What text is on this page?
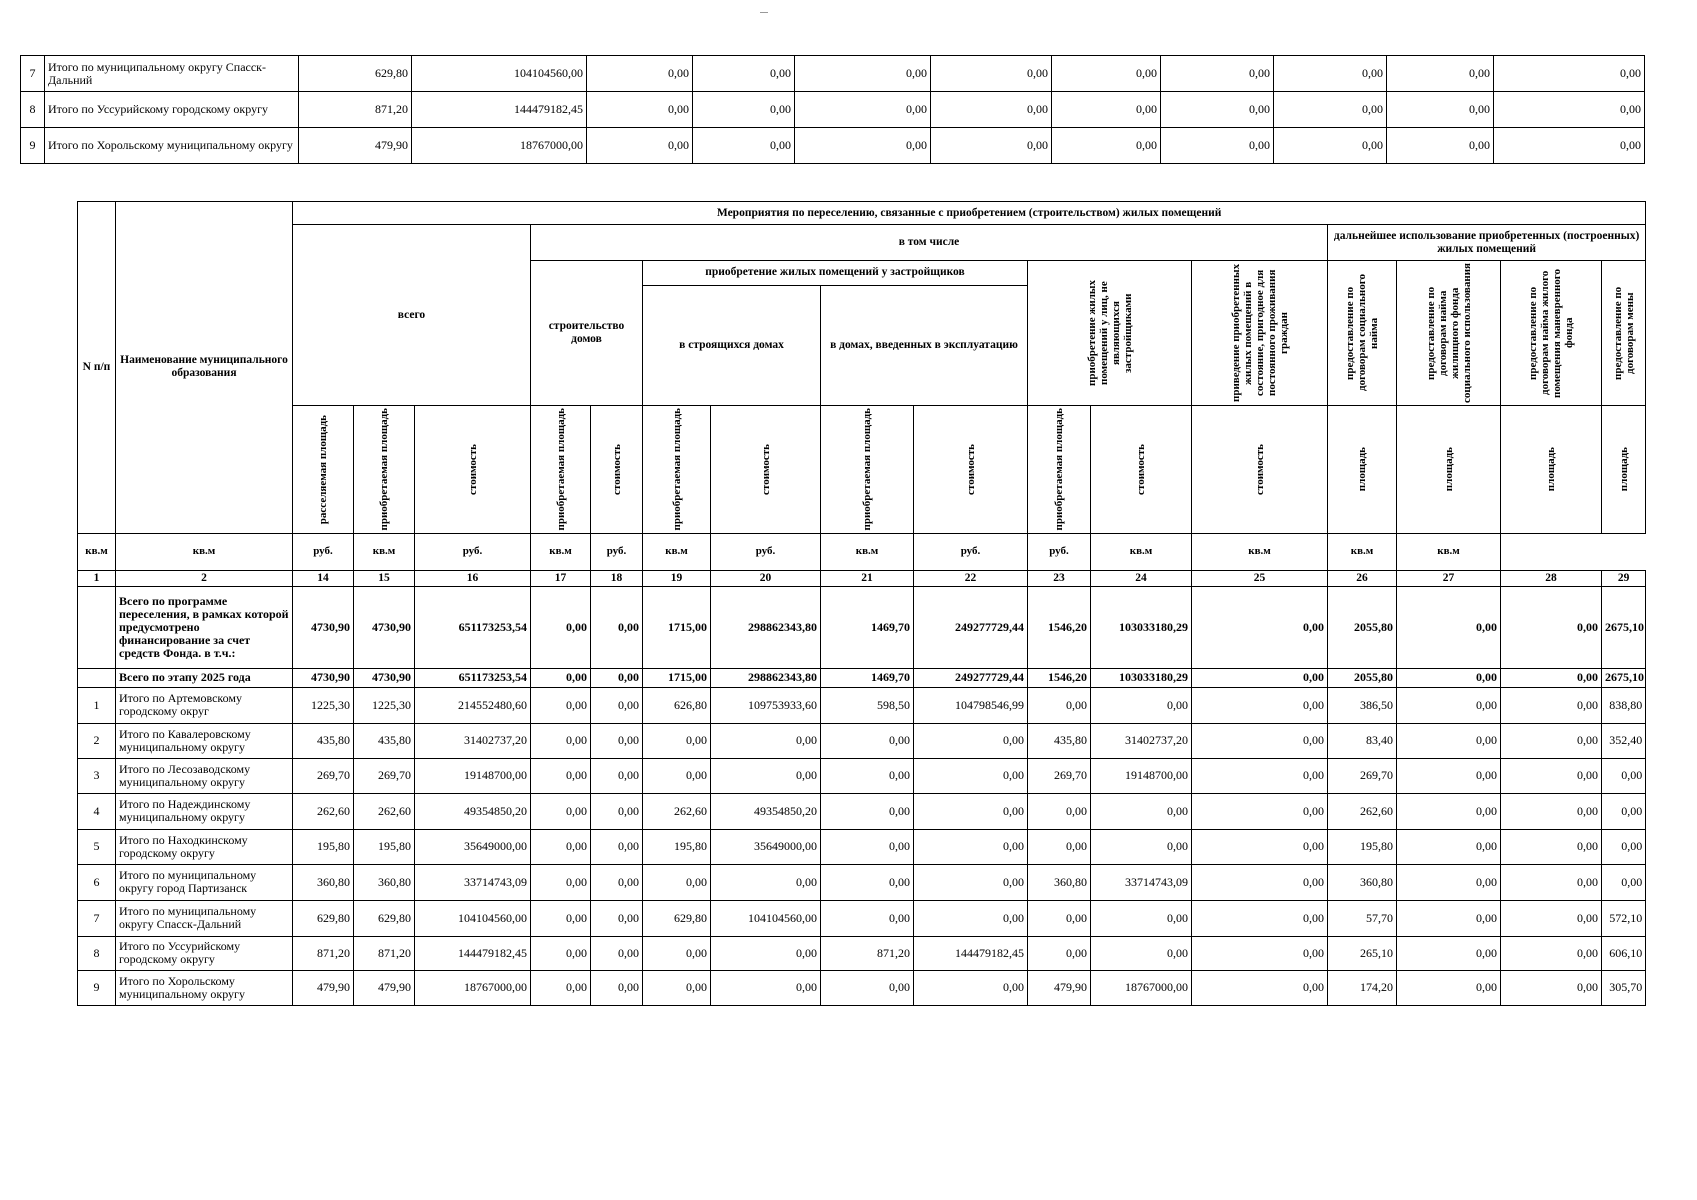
7	Итого по муниципальному округу Спасск-Дальний	629,80	104104560,00	0,00	0,00	0,00	0,00	0,00	0,00	0,00	0,00	0,00
8	Итого по Уссурийскому городскому округу	871,20	144479182,45	0,00	0,00	0,00	0,00	0,00	0,00	0,00	0,00	0,00
9	Итого по Хорольскому муниципальному округу	479,90	18767000,00	0,00	0,00	0,00	0,00	0,00	0,00	0,00	0,00	0,00
N п/п	Наименование муниципального образования	Мероприятия по переселению, связанные с приобретением (строительством) жилых помещений															
		всего			в том числе									дальнейшее использование приобретенных (построенных) жилых помещений			
					строительство домов		приобретение жилых помещений у застройщиков				приобретение жилых помещений у лиц, не являющихся застройщиками		приведение приобретенных жилых помещений в состояние, пригодное для постоянного проживания граждан	предоставление по договорам социального найма	предоставление по договорам найма жилищного фонда социального использования	предоставление по договорам найма жилого помещения маневренного фонда	предоставление по договорам мены

							в строящихся домах		в домах, введенных в эксплуатацию								

		расселяемая площадь	приобретаемая площадь	стоимость	приобретаемая площадь	стоимость	приобретаемая площадь	стоимость	приобретаемая площадь	стоимость	приобретаемая площадь	стоимость	стоимость	площадь	площадь	площадь	площадь

кв.м	кв.м	руб.	кв.м	руб.	кв.м	руб.	кв.м	руб.	кв.м	руб.	руб.	кв.м	кв.м	кв.м	кв.м		
1	2	14	15	16	17	18	19	20	21	22	23	24	25	26	27	28	29
	Всего по программе переселения, в рамках которой предусмотрено финансирование за счет средств Фонда. в т.ч.:	4730,90	4730,90	651173253,54	0,00	0,00	1715,00	298862343,80	1469,70	249277729,44	1546,20	103033180,29	0,00	2055,80	0,00	0,00	2675,10
	Всего по этапу 2025 года	4730,90	4730,90	651173253,54	0,00	0,00	1715,00	298862343,80	1469,70	249277729,44	1546,20	103033180,29	0,00	2055,80	0,00	0,00	2675,10
1	Итого по Артемовскому городскому округ	1225,30	1225,30	214552480,60	0,00	0,00	626,80	109753933,60	598,50	104798546,99	0,00	0,00	0,00	386,50	0,00	0,00	838,80
2	Итого по Кавалеровскому муниципальному округу	435,80	435,80	31402737,20	0,00	0,00	0,00	0,00	0,00	0,00	435,80	31402737,20	0,00	83,40	0,00	0,00	352,40
3	Итого по Лесозаводскому муниципальному округу	269,70	269,70	19148700,00	0,00	0,00	0,00	0,00	0,00	0,00	269,70	19148700,00	0,00	269,70	0,00	0,00	0,00
4	Итого по Надеждинскому муниципальному округу	262,60	262,60	49354850,20	0,00	0,00	262,60	49354850,20	0,00	0,00	0,00	0,00	0,00	262,60	0,00	0,00	0,00
5	Итого по Находкинскому городскому округу	195,80	195,80	35649000,00	0,00	0,00	195,80	35649000,00	0,00	0,00	0,00	0,00	0,00	195,80	0,00	0,00	0,00
6	Итого по муниципальному округу город Партизанск	360,80	360,80	33714743,09	0,00	0,00	0,00	0,00	0,00	0,00	360,80	33714743,09	0,00	360,80	0,00	0,00	0,00
7	Итого по муниципальному округу Спасск-Дальний	629,80	629,80	104104560,00	0,00	0,00	629,80	104104560,00	0,00	0,00	0,00	0,00	0,00	57,70	0,00	0,00	572,10
8	Итого по Уссурийскому городскому округу	871,20	871,20	144479182,45	0,00	0,00	0,00	0,00	871,20	144479182,45	0,00	0,00	0,00	265,10	0,00	0,00	606,10
9	Итого по Хорольскому муниципальному округу	479,90	479,90	18767000,00	0,00	0,00	0,00	0,00	0,00	0,00	479,90	18767000,00	0,00	174,20	0,00	0,00	305,70
